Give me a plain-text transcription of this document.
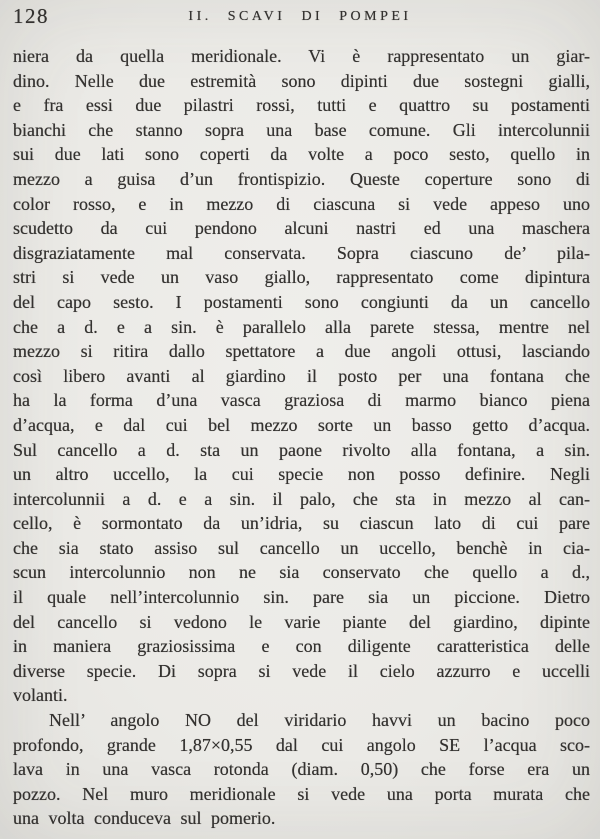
128	II. SCAVI DI POMPEI
niera da quella meridionale. Vi è rappresentato un giar-
dino. Nelle due estremità sono dipinti due sostegni gialli,
e fra essi due pilastri rossi, tutti e quattro su postamenti
bianchi che stanno sopra una base comune. Gli intercolunnii
sui due lati sono coperti da volte a poco sesto, quello in
mezzo a guisa d’un frontispizio. Queste coperture sono di
color rosso, e in mezzo di ciascuna si vede appeso uno
scudetto da cui pendono alcuni nastri ed una maschera
disgraziatamente mal conservata. Sopra ciascuno de’ pila-
stri si vede un vaso giallo, rappresentato come dipintura
del capo sesto. I postamenti sono congiunti da un cancello
che a d. e a sin. è parallelo alla parete stessa, mentre nel
mezzo si ritira dallo spettatore a due angoli ottusi, lasciando
così libero avanti al giardino il posto per una fontana che
ha la forma d’una vasca graziosa di marmo bianco piena
d’acqua, e dal cui bel mezzo sorte un basso getto d’acqua.
Sul cancello a d. sta un paone rivolto alla fontana, a sin.
un altro uccello, la cui specie non posso definire. Negli
intercolunnii a d. e a sin. il palo, che sta in mezzo al can-
cello, è sormontato da un’idria, su ciascun lato di cui pare
che sia stato assiso sul cancello un uccello, benchè in cia-
scun intercolunnio non ne sia conservato che quello a d.,
il quale nell’intercolunnio sin. pare sia un piccione. Dietro
del cancello si vedono le varie piante del giardino, dipinte
in maniera graziosissima e con diligente caratteristica delle
diverse specie. Di sopra si vede il cielo azzurro e uccelli
volanti.
Nell’ angolo NO del viridario havvi un bacino poco
profondo, grande 1,87×0,55 dal cui angolo SE l’acqua sco-
lava in una vasca rotonda (diam. 0,50) che forse era un
pozzo. Nel muro meridionale si vede una porta murata che
una volta conduceva sul pomerio.
